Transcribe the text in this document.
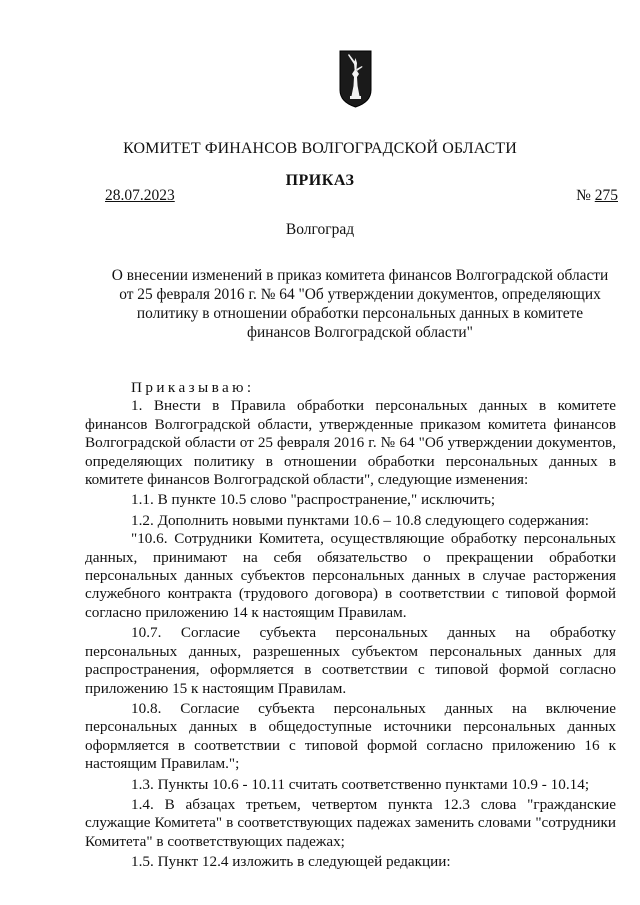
КОМИТЕТ ФИНАНСОВ ВОЛГОГРАДСКОЙ ОБЛАСТИ
ПРИКАЗ
28.07.2023	№ 275
Волгоград
О внесении изменений в приказ комитета финансов Волгоградской области от 25 февраля 2016 г. № 64 "Об утверждении документов, определяющих политику в отношении обработки персональных данных в комитете финансов Волгоградской области"

Приказываю:

1. Внести в Правила обработки персональных данных в комитете финансов Волгоградской области, утвержденные приказом комитета финансов Волгоградской области от 25 февраля 2016 г. № 64 "Об утверждении документов, определяющих политику в отношении обработки персональных данных в комитете финансов Волгоградской области", следующие изменения:

1.1. В пункте 10.5 слово "распространение," исключить;

1.2. Дополнить новыми пунктами 10.6 – 10.8 следующего содержания:

"10.6. Сотрудники Комитета, осуществляющие обработку персональных данных, принимают на себя обязательство о прекращении обработки персональных данных субъектов персональных данных в случае расторжения служебного контракта (трудового договора) в соответствии с типовой формой согласно приложению 14 к настоящим Правилам.

10.7. Согласие субъекта персональных данных на обработку персональных данных, разрешенных субъектом персональных данных для распространения, оформляется в соответствии с типовой формой согласно приложению 15 к настоящим Правилам.

10.8. Согласие субъекта персональных данных на включение персональных данных в общедоступные источники персональных данных оформляется в соответствии с типовой формой согласно приложению 16 к настоящим Правилам.";

1.3. Пункты 10.6 - 10.11 считать соответственно пунктами 10.9 - 10.14;

1.4. В абзацах третьем, четвертом пункта 12.3 слова "гражданские служащие Комитета" в соответствующих падежах заменить словами "сотрудники Комитета" в соответствующих падежах;

1.5. Пункт 12.4 изложить в следующей редакции:
